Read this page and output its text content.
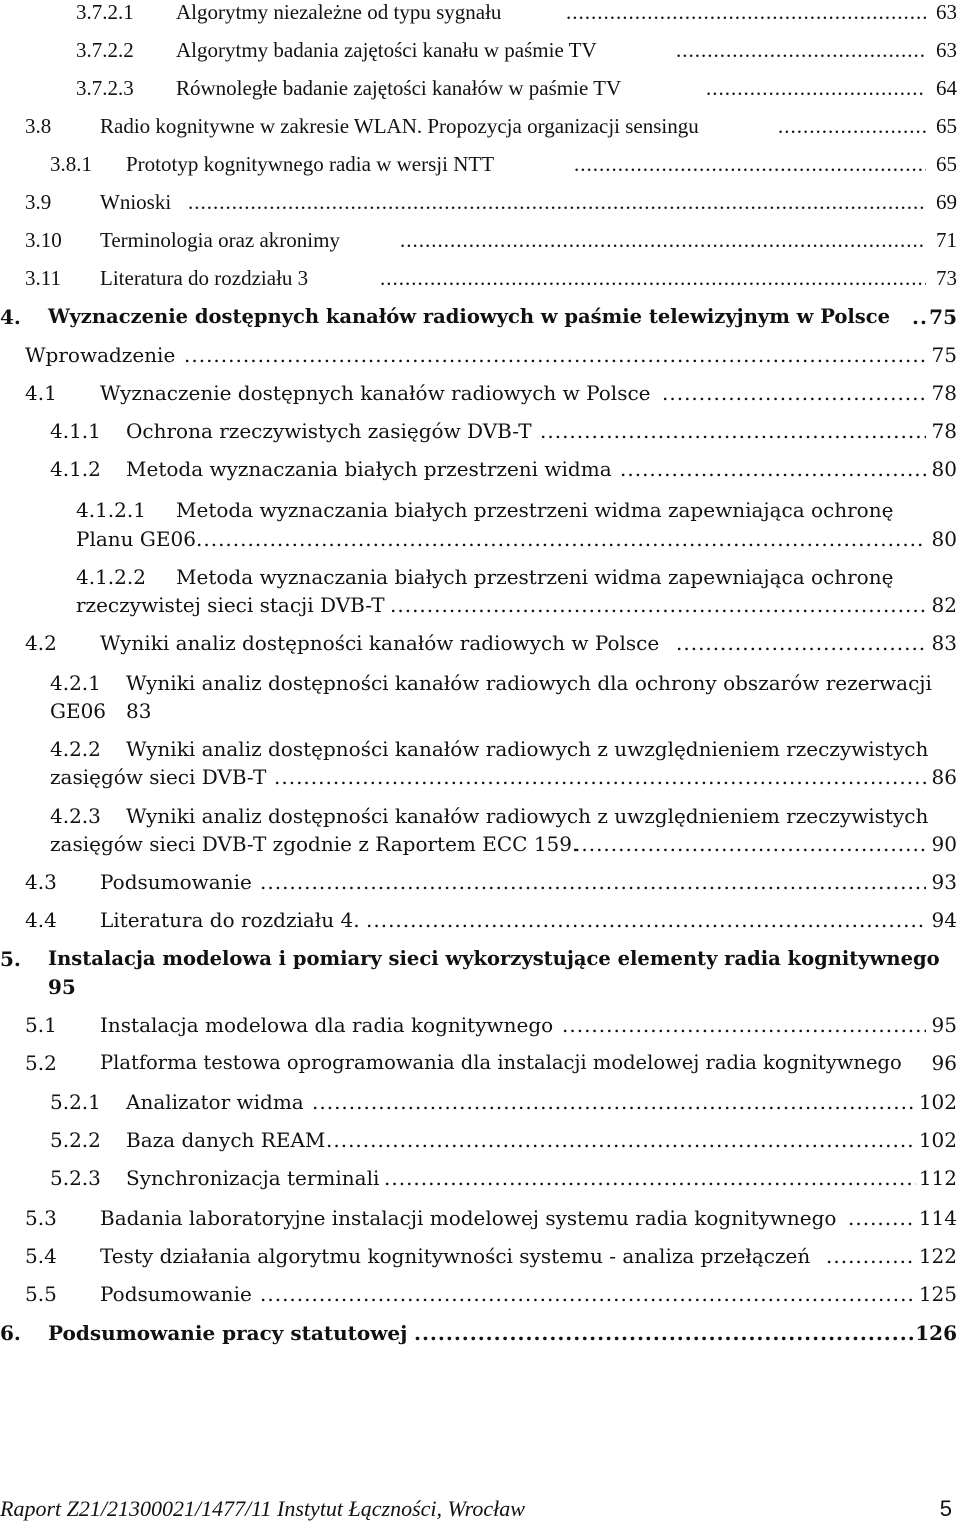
3.7.2.1 Algorytmy niezależne od typu sygnału .....	63
3.7.2.2 Algorytmy badania zajętości kanału w paśmie TV .....	63
3.7.2.3 Równoległe badanie zajętości kanałów w paśmie TV .....	64
3.8 Radio kognitywne w zakresie WLAN. Propozycja organizacji sensingu .....	65
3.8.1 Prototyp kognitywnego radia w wersji NTT .....	65
3.9 Wnioski .....	69
3.10 Terminologia oraz akronimy .....	71
3.11 Literatura do rozdziału 3 .....	73
4. Wyznaczenie dostępnych kanałów radiowych w paśmie telewizyjnym w Polsce ..... 75
Wprowadzenie .....	75
4.1 Wyznaczenie dostępnych kanałów radiowych w Polsce .....	78
4.1.1 Ochrona rzeczywistych zasięgów DVB-T .....	78
4.1.2 Metoda wyznaczania białych przestrzeni widma .....	80
4.1.2.1 Metoda wyznaczania białych przestrzeni widma zapewniająca ochronę
Planu GE06 .....	80
4.1.2.2 Metoda wyznaczania białych przestrzeni widma zapewniająca ochronę
rzeczywistej sieci stacji DVB-T .....	82
4.2 Wyniki analiz dostępności kanałów radiowych w Polsce .....	83
4.2.1 Wyniki analiz dostępności kanałów radiowych dla ochrony obszarów rezerwacji
GE06 83
4.2.2 Wyniki analiz dostępności kanałów radiowych z uwzględnieniem rzeczywistych
zasięgów sieci DVB-T .....	86
4.2.3 Wyniki analiz dostępności kanałów radiowych z uwzględnieniem rzeczywistych
zasięgów sieci DVB-T zgodnie z Raportem ECC 159. .....	90
4.3 Podsumowanie .....	93
4.4 Literatura do rozdziału 4. .....	94
5. Instalacja modelowa i pomiary sieci wykorzystujące elementy radia kognitywnego
95
5.1 Instalacja modelowa dla radia kognitywnego .....	95
5.2 Platforma testowa oprogramowania dla instalacji modelowej radia kognitywnego 96
5.2.1 Analizator widma .....	102
5.2.2 Baza danych REAM .....	102
5.2.3 Synchronizacja terminali .....	112
5.3 Badania laboratoryjne instalacji modelowej systemu radia kognitywnego .....	114
5.4 Testy działania algorytmu kognitywności systemu - analiza przełączeń .....	122
5.5 Podsumowanie .....	125
6. Podsumowanie pracy statutowej .....	126
Raport Z21/21300021/1477/11 Instytut Łączności, Wrocław	5
